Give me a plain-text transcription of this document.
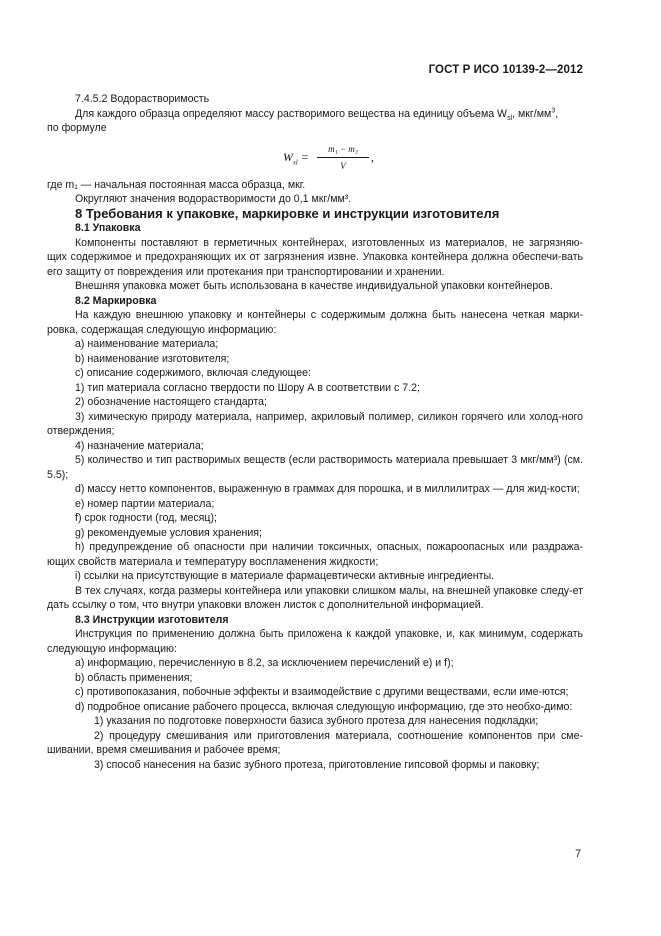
ГОСТ Р ИСО 10139-2—2012

7.4.5.2 Водорастворимость

Для каждого образца определяют массу растворимого вещества на единицу объема $W_{sl}$, мкг/$мм^3$,

по формуле

$W_{sl} = \frac{\text{m₁ − m₃}}{V}$ ,

где m₁ — начальная постоянная масса образца, мкг.

Округляют значения водорастворимости до 0,1 мкг/мм³.

8 Требования к упаковке, маркировке и инструкции изготовителя

8.1 Упаковка

Компоненты поставляют в герметичных контейнерах, изготовленных из материалов, не загрязняю-щих содержимое и предохраняющих их от загрязнения извне. Упаковка контейнера должна обеспечи-вать его защиту от повреждения или протекания при транспортировании и хранении.

Внешняя упаковка может быть использована в качестве индивидуальной упаковки контейнеров.

8.2 Маркировка

На каждую внешнюю упаковку и контейнеры с содержимым должна быть нанесена четкая марки-ровка, содержащая следующую информацию:

a) наименование материала;

b) наименование изготовителя;

c) описание содержимого, включая следующее:

1) тип материала согласно твердости по Шору А в соответствии с 7.2;

2) обозначение настоящего стандарта;

3) химическую природу материала, например, акриловый полимер, силикон горячего или холод-ного отверждения;

4) назначение материала;

5) количество и тип растворимых веществ (если растворимость материала превышает 3 мкг/мм³) (см. 5.5);

d) массу нетто компонентов, выраженную в граммах для порошка, и в миллилитрах — для жид-кости;

e) номер партии материала;

f) срок годности (год, месяц);

g) рекомендуемые условия хранения;

h) предупреждение об опасности при наличии токсичных, опасных, пожароопасных или раздража-ющих свойств материала и температуру воспламенения жидкости;

i) ссылки на присутствующие в материале фармацевтически активные ингредиенты.

В тех случаях, когда размеры контейнера или упаковки слишком малы, на внешней упаковке следу-ет дать ссылку о том, что внутри упаковки вложен листок с дополнительной информацией.

8.3 Инструкции изготовителя

Инструкция по применению должна быть приложена к каждой упаковке, и, как минимум, содержать следующую информацию:

a) информацию, перечисленную в 8.2, за исключением перечислений e) и f);

b) область применения;

c) противопоказания, побочные эффекты и взаимодействие с другими веществами, если име-ются;

d) подробное описание рабочего процесса, включая следующую информацию, где это необхо-димо:

1) указания по подготовке поверхности базиса зубного протеза для нанесения подкладки;

2) процедуру смешивания или приготовления материала, соотношение компонентов при сме-шивании, время смешивания и рабочее время;

3) способ нанесения на базис зубного протеза, приготовление гипсовой формы и паковку;

7
